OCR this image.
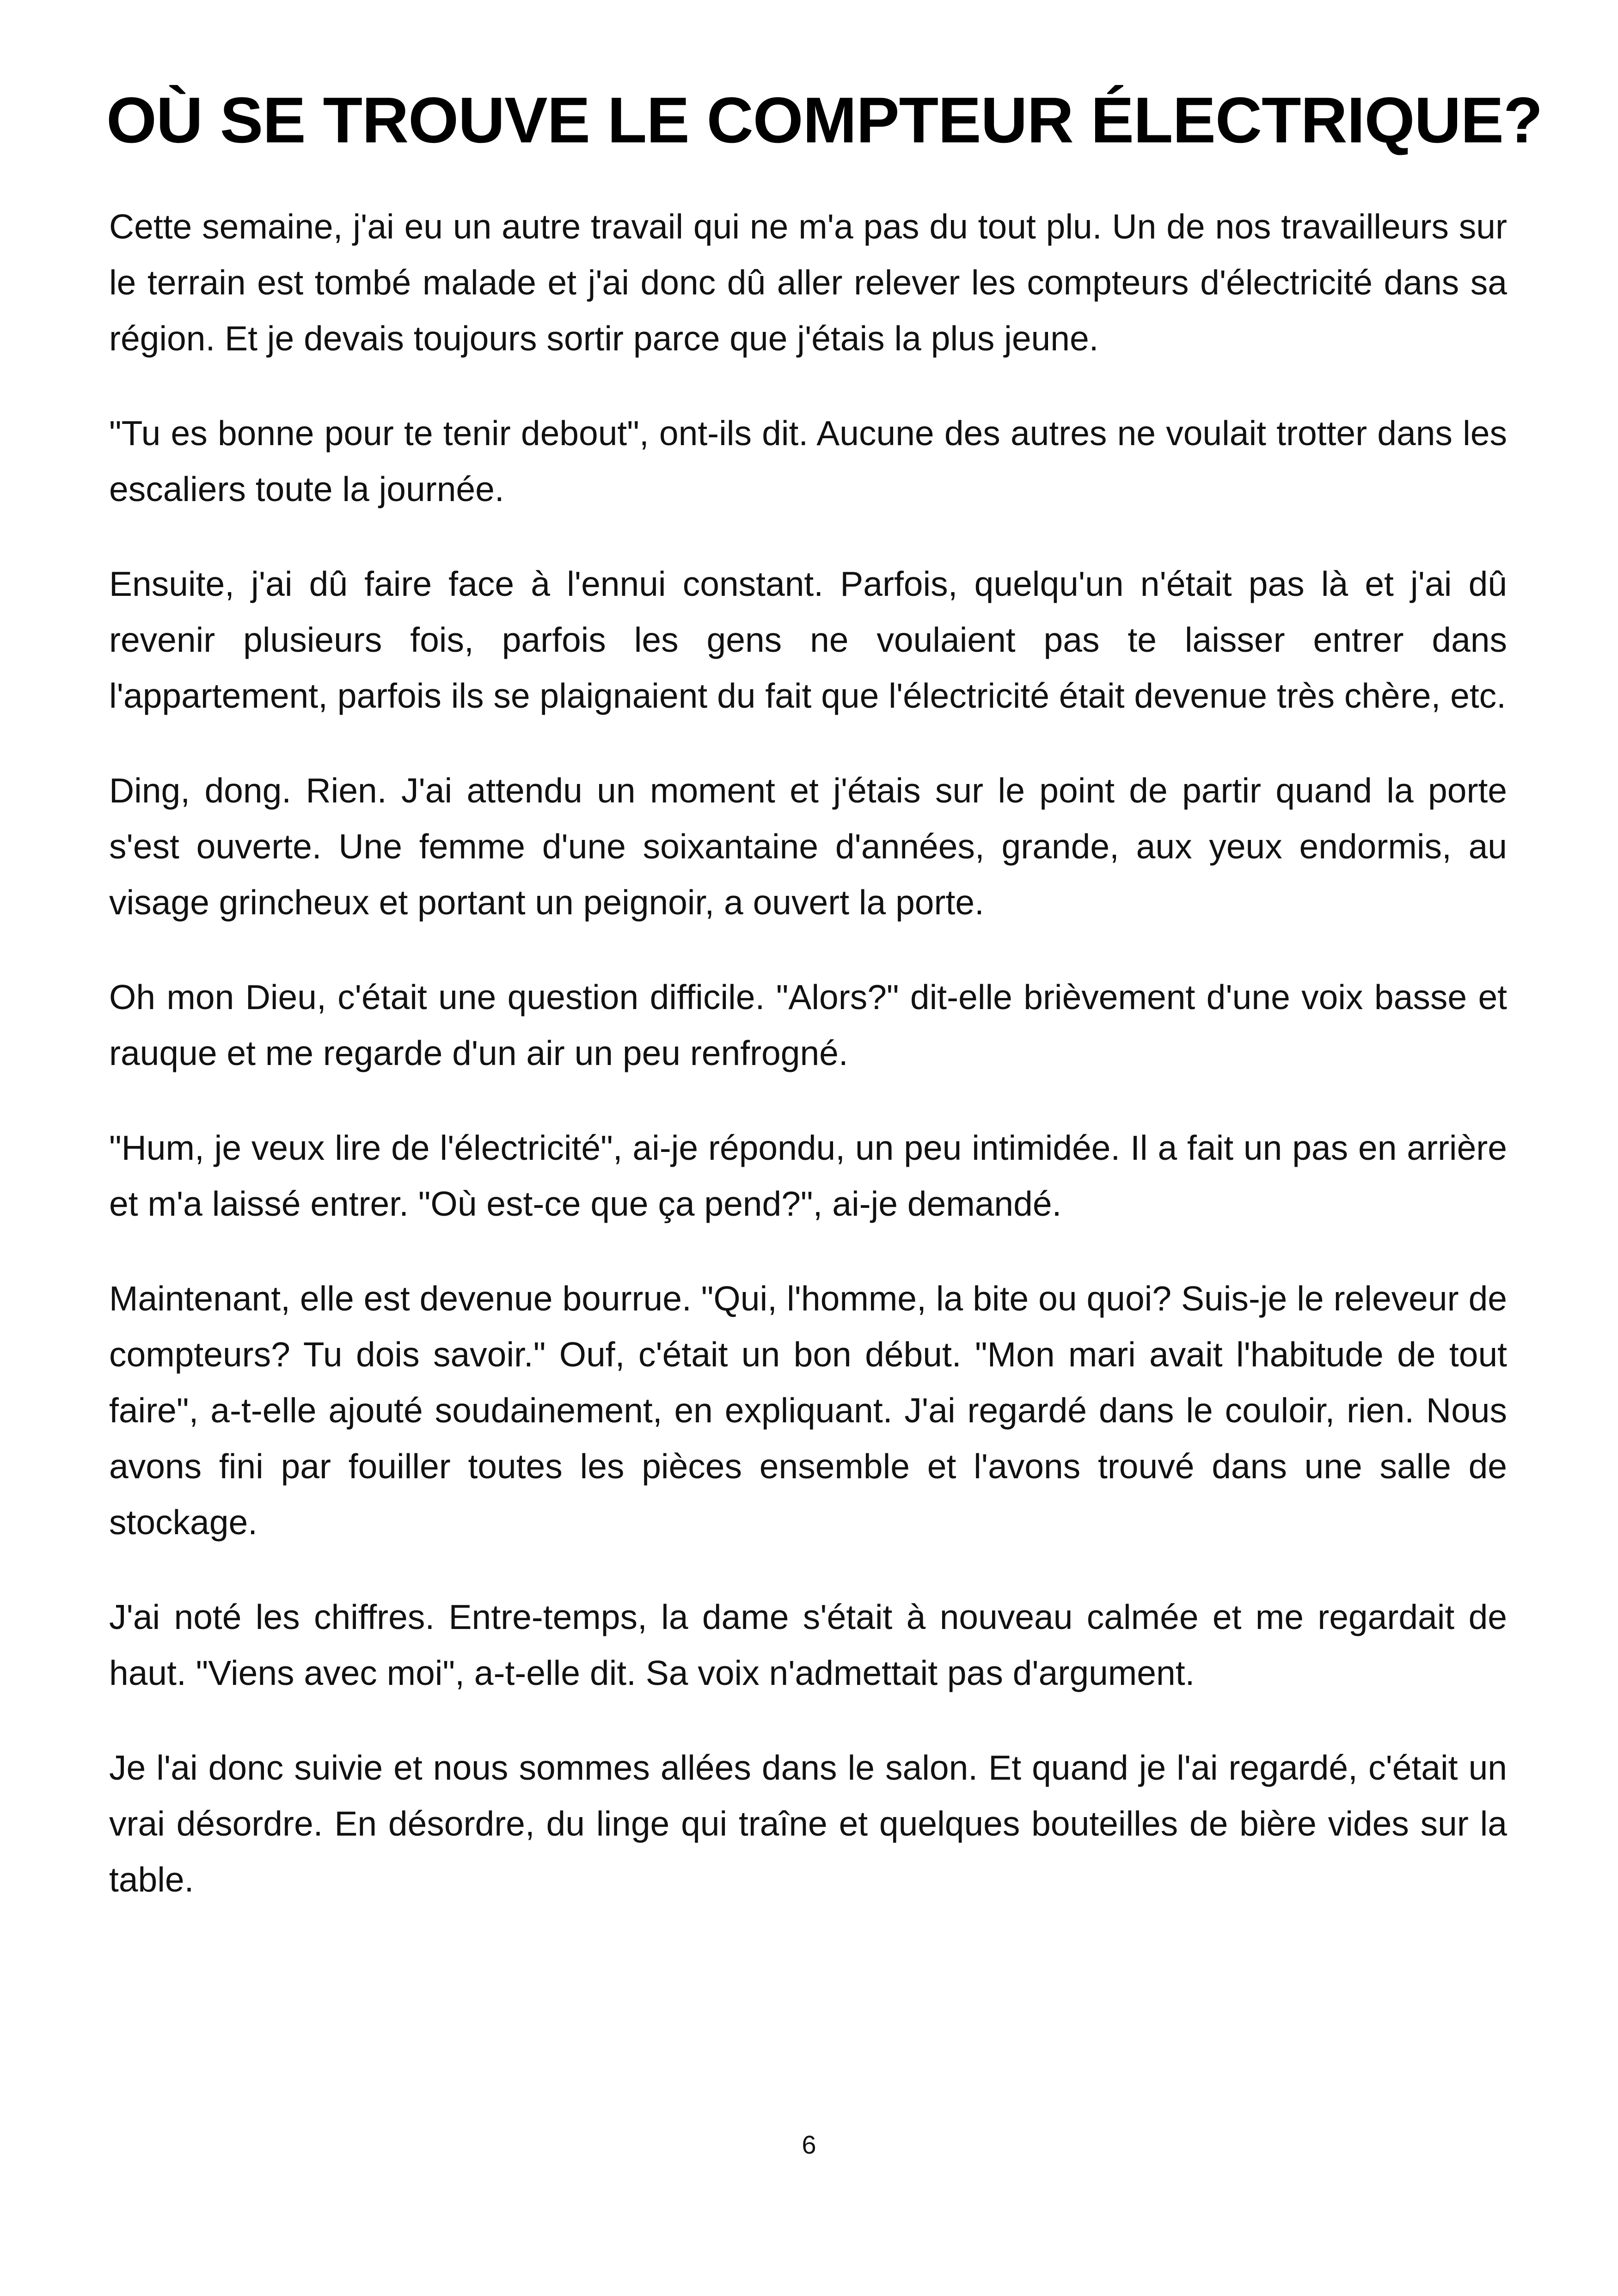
OÙ SE TROUVE LE COMPTEUR ÉLECTRIQUE?

Cette semaine, j'ai eu un autre travail qui ne m'a pas du tout plu. Un de nos travailleurs sur le terrain est tombé malade et j'ai donc dû aller relever les compteurs d'électricité dans sa région. Et je devais toujours sortir parce que j'étais la plus jeune.

"Tu es bonne pour te tenir debout", ont-ils dit. Aucune des autres ne voulait trotter dans les escaliers toute la journée.

Ensuite, j'ai dû faire face à l'ennui constant. Parfois, quelqu'un n'était pas là et j'ai dû revenir plusieurs fois, parfois les gens ne voulaient pas te laisser entrer dans l'appartement, parfois ils se plaignaient du fait que l'électricité était devenue très chère, etc.

Ding, dong. Rien. J'ai attendu un moment et j'étais sur le point de partir quand la porte s'est ouverte. Une femme d'une soixantaine d'années, grande, aux yeux endormis, au visage grincheux et portant un peignoir, a ouvert la porte.

Oh mon Dieu, c'était une question difficile. "Alors?" dit-elle brièvement d'une voix basse et rauque et me regarde d'un air un peu renfrogné.

"Hum, je veux lire de l'électricité", ai-je répondu, un peu intimidée. Il a fait un pas en arrière et m'a laissé entrer. "Où est-ce que ça pend?", ai-je demandé.

Maintenant, elle est devenue bourrue. "Qui, l'homme, la bite ou quoi? Suis-je le releveur de compteurs? Tu dois savoir." Ouf, c'était un bon début. "Mon mari avait l'habitude de tout faire", a-t-elle ajouté soudainement, en expliquant. J'ai regardé dans le couloir, rien. Nous avons fini par fouiller toutes les pièces ensemble et l'avons trouvé dans une salle de stockage.

J'ai noté les chiffres. Entre-temps, la dame s'était à nouveau calmée et me regardait de haut. "Viens avec moi", a-t-elle dit. Sa voix n'admettait pas d'argument.

Je l'ai donc suivie et nous sommes allées dans le salon. Et quand je l'ai regardé, c'était un vrai désordre. En désordre, du linge qui traîne et quelques bouteilles de bière vides sur la table.

6
